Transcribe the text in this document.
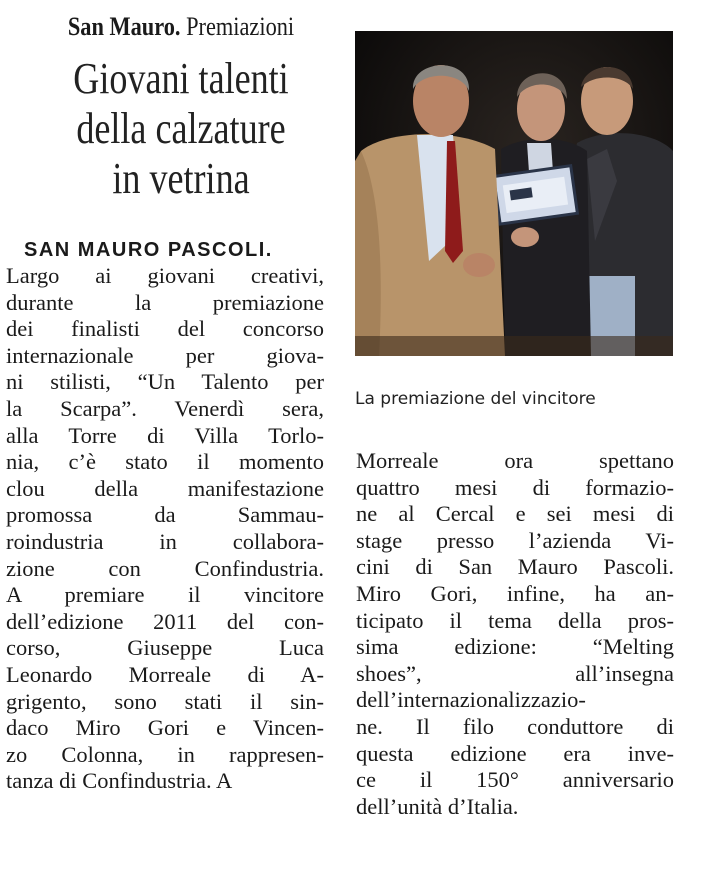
San Mauro. Premiazioni
Giovani talenti
della calzature
in vetrina
SAN MAURO PASCOLI.
Largo ai giovani creativi,
durante la premiazione
dei finalisti del concorso
internazionale per giova-
ni stilisti, “Un Talento per
la Scarpa”. Venerdì sera,
alla Torre di Villa Torlo-
nia, c’è stato il momento
clou della manifestazione
promossa da Sammau-
roindustria in collabora-
zione con Confindustria.
A premiare il vincitore
dell’edizione 2011 del con-
corso, Giuseppe Luca
Leonardo Morreale di A-
grigento, sono stati il sin-
daco Miro Gori e Vincen-
zo Colonna, in rappresen-
tanza di Confindustria. A
La premiazione del vincitore
Morreale ora spettano
quattro mesi di formazio-
ne al Cercal e sei mesi di
stage presso l’azienda Vi-
cini di San Mauro Pascoli.
Miro Gori, infine, ha an-
ticipato il tema della pros-
sima edizione: “Melting
shoes”, all’insegna
dell’internazionalizzazio-
ne. Il filo conduttore di
questa edizione era inve-
ce il 150° anniversario
dell’unità d’Italia.
